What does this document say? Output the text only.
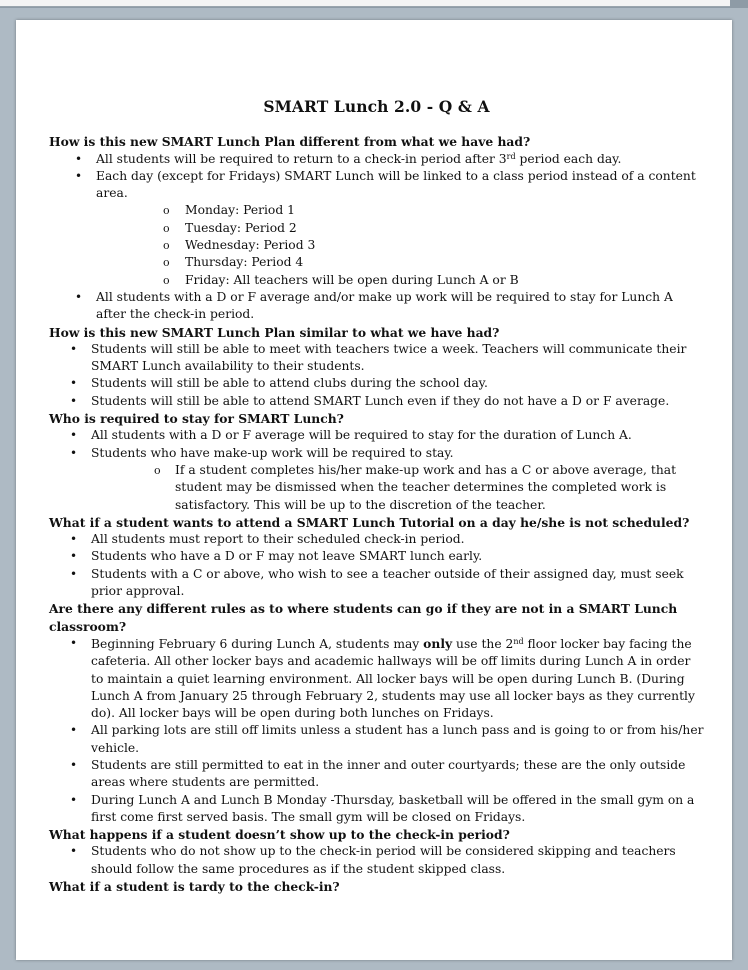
SMART Lunch 2.0 - Q & A

How is this new SMART Lunch Plan different from what we have had?

• All students will be required to return to a check-in period after 3rd period each day.
• Each day (except for Fridays) SMART Lunch will be linked to a class period instead of a content area.
o Monday: Period 1
o Tuesday: Period 2
o Wednesday: Period 3
o Thursday: Period 4
o Friday: All teachers will be open during Lunch A or B
• All students with a D or F average and/or make up work will be required to stay for Lunch A after the check-in period.

How is this new SMART Lunch Plan similar to what we have had?

• Students will still be able to meet with teachers twice a week. Teachers will communicate their SMART Lunch availability to their students.
• Students will still be able to attend clubs during the school day.
• Students will still be able to attend SMART Lunch even if they do not have a D or F average.

Who is required to stay for SMART Lunch?

• All students with a D or F average will be required to stay for the duration of Lunch A.
• Students who have make-up work will be required to stay.
o If a student completes his/her make-up work and has a C or above average, that student may be dismissed when the teacher determines the completed work is satisfactory. This will be up to the discretion of the teacher.

What if a student wants to attend a SMART Lunch Tutorial on a day he/she is not scheduled?

• All students must report to their scheduled check-in period.
• Students who have a D or F may not leave SMART lunch early.
• Students with a C or above, who wish to see a teacher outside of their assigned day, must seek prior approval.

Are there any different rules as to where students can go if they are not in a SMART Lunch classroom?

• Beginning February 6 during Lunch A, students may only use the 2nd floor locker bay facing the cafeteria. All other locker bays and academic hallways will be off limits during Lunch A in order to maintain a quiet learning environment. All locker bays will be open during Lunch B. (During Lunch A from January 25 through February 2, students may use all locker bays as they currently do). All locker bays will be open during both lunches on Fridays.
• All parking lots are still off limits unless a student has a lunch pass and is going to or from his/her vehicle.
• Students are still permitted to eat in the inner and outer courtyards; these are the only outside areas where students are permitted.
• During Lunch A and Lunch B Monday -Thursday, basketball will be offered in the small gym on a first come first served basis. The small gym will be closed on Fridays.

What happens if a student doesn’t show up to the check-in period?

• Students who do not show up to the check-in period will be considered skipping and teachers should follow the same procedures as if the student skipped class.

What if a student is tardy to the check-in?
